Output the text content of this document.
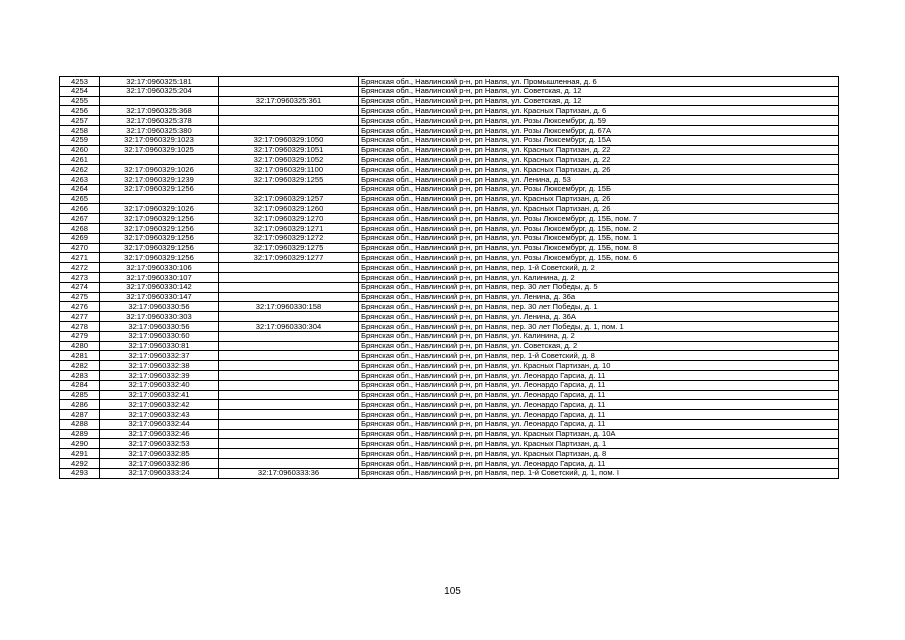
4253	32:17:0960325:181		Брянская обл., Навлинский р-н, рп Навля, ул. Промышленная, д. 6
4254	32:17:0960325:204		Брянская обл., Навлинский р-н, рп Навля, ул. Советская, д. 12
4255		32:17:0960325:361	Брянская обл., Навлинский р-н, рп Навля, ул. Советская, д. 12
4256	32:17:0960325:368		Брянская обл., Навлинский р-н, рп Навля, ул. Красных Партизан, д. 6
4257	32:17:0960325:378		Брянская обл., Навлинский р-н, рп Навля, ул. Розы Люксембург, д. 59
4258	32:17:0960325:380		Брянская обл., Навлинский р-н, рп Навля, ул. Розы Люксембург, д. 67А
4259	32:17:0960329:1023	32:17:0960329:1050	Брянская обл., Навлинский р-н, рп Навля, ул. Розы Люксембург, д. 15А
4260	32:17:0960329:1025	32:17:0960329:1051	Брянская обл., Навлинский р-н, рп Навля, ул. Красных Партизан, д. 22
4261		32:17:0960329:1052	Брянская обл., Навлинский р-н, рп Навля, ул. Красных Партизан, д. 22
4262	32:17:0960329:1026	32:17:0960329:1100	Брянская обл., Навлинский р-н, рп Навля, ул. Красных Партизан, д. 26
4263	32:17:0960329:1239	32:17:0960329:1255	Брянская обл., Навлинский р-н, рп Навля, ул. Ленина, д. 53
4264	32:17:0960329:1256		Брянская обл., Навлинский р-н, рп Навля, ул. Розы Люксембург, д. 15Б
4265		32:17:0960329:1257	Брянская обл., Навлинский р-н, рп Навля, ул. Красных Партизан, д. 26
4266	32:17:0960329:1026	32:17:0960329:1260	Брянская обл., Навлинский р-н, рп Навля, ул. Красных Партизан, д. 26
4267	32:17:0960329:1256	32:17:0960329:1270	Брянская обл., Навлинский р-н, рп Навля, ул. Розы Люксембург, д. 15Б, пом. 7
4268	32:17:0960329:1256	32:17:0960329:1271	Брянская обл., Навлинский р-н, рп Навля, ул. Розы Люксембург, д. 15Б, пом. 2
4269	32:17:0960329:1256	32:17:0960329:1272	Брянская обл., Навлинский р-н, рп Навля, ул. Розы Люксембург, д. 15Б, пом. 1
4270	32:17:0960329:1256	32:17:0960329:1275	Брянская обл., Навлинский р-н, рп Навля, ул. Розы Люксембург, д. 15Б, пом. 8
4271	32:17:0960329:1256	32:17:0960329:1277	Брянская обл., Навлинский р-н, рп Навля, ул. Розы Люксембург, д. 15Б, пом. 6
4272	32:17:0960330:106		Брянская обл., Навлинский р-н, рп Навля, пер. 1-й Советский, д. 2
4273	32:17:0960330:107		Брянская обл., Навлинский р-н, рп Навля, ул. Калинина, д. 2
4274	32:17:0960330:142		Брянская обл., Навлинский р-н, рп Навля, пер. 30 лет Победы, д. 5
4275	32:17:0960330:147		Брянская обл., Навлинский р-н, рп Навля, ул. Ленина, д. 36а
4276	32:17:0960330:56	32:17:0960330:158	Брянская обл., Навлинский р-н, рп Навля, пер. 30 лет Победы, д. 1
4277	32:17:0960330:303		Брянская обл., Навлинский р-н, рп Навля, ул. Ленина, д. 36А
4278	32:17:0960330:56	32:17:0960330:304	Брянская обл., Навлинский р-н, рп Навля, пер. 30 лет Победы, д. 1, пом. 1
4279	32:17:0960330:60		Брянская обл., Навлинский р-н, рп Навля, ул. Калинина, д. 2
4280	32:17:0960330:81		Брянская обл., Навлинский р-н, рп Навля, ул. Советская, д. 2
4281	32:17:0960332:37		Брянская обл., Навлинский р-н, рп Навля, пер. 1-й Советский, д. 8
4282	32:17:0960332:38		Брянская обл., Навлинский р-н, рп Навля, ул. Красных Партизан, д. 10
4283	32:17:0960332:39		Брянская обл., Навлинский р-н, рп Навля, ул. Леонардо Гарсиа, д. 11
4284	32:17:0960332:40		Брянская обл., Навлинский р-н, рп Навля, ул. Леонардо Гарсиа, д. 11
4285	32:17:0960332:41		Брянская обл., Навлинский р-н, рп Навля, ул. Леонардо Гарсиа, д. 11
4286	32:17:0960332:42		Брянская обл., Навлинский р-н, рп Навля, ул. Леонардо Гарсиа, д. 11
4287	32:17:0960332:43		Брянская обл., Навлинский р-н, рп Навля, ул. Леонардо Гарсиа, д. 11
4288	32:17:0960332:44		Брянская обл., Навлинский р-н, рп Навля, ул. Леонардо Гарсиа, д. 11
4289	32:17:0960332:46		Брянская обл., Навлинский р-н, рп Навля, ул. Красных Партизан, д. 10А
4290	32:17:0960332:53		Брянская обл., Навлинский р-н, рп Навля, ул. Красных Партизан, д. 1
4291	32:17:0960332:85		Брянская обл., Навлинский р-н, рп Навля, ул. Красных Партизан, д. 8
4292	32:17:0960332:86		Брянская обл., Навлинский р-н, рп Навля, ул. Леонардо Гарсиа, д. 11
4293	32:17:0960333:24	32:17:0960333:36	Брянская обл., Навлинский р-н, рп Навля, пер. 1-й Советский, д. 1, пом. I
105
